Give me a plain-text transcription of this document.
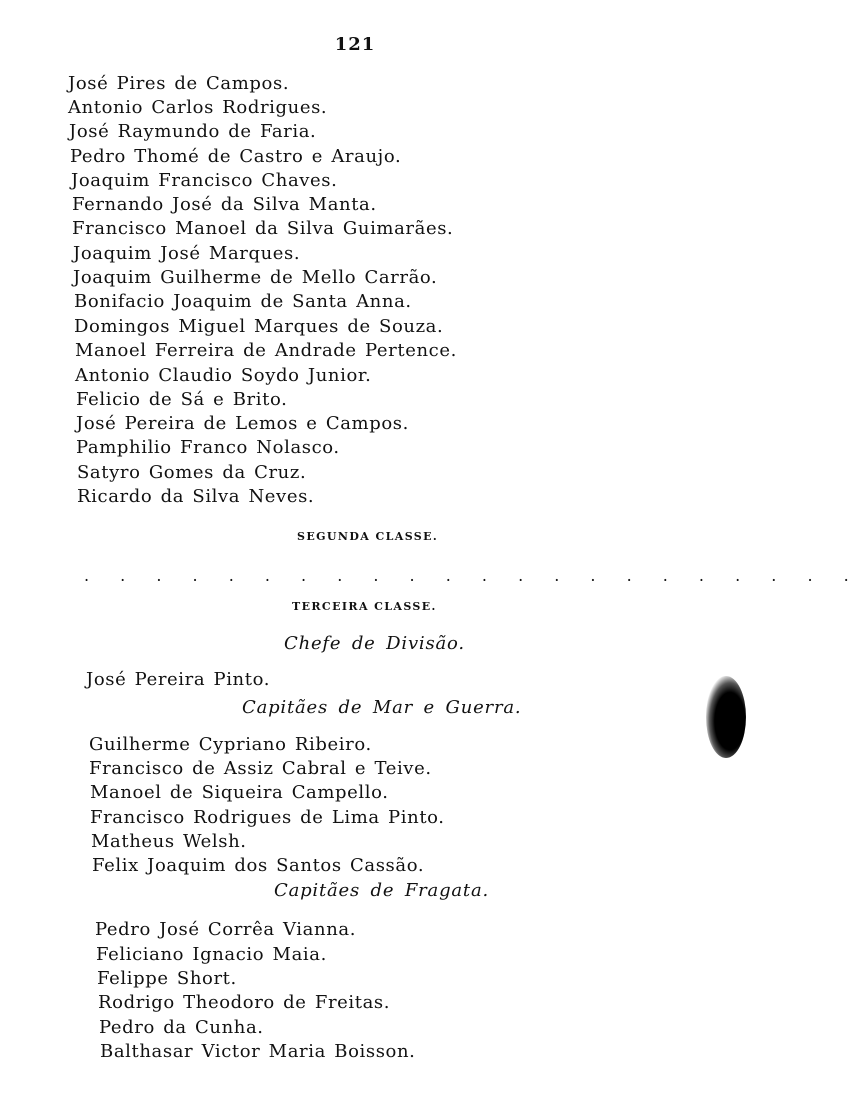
121
José Pires de Campos.
Antonio Carlos Rodrigues.
José Raymundo de Faria.
Pedro Thomé de Castro e Araujo.
Joaquim Francisco Chaves.
Fernando José da Silva Manta.
Francisco Manoel da Silva Guimarães.
Joaquim José Marques.
Joaquim Guilherme de Mello Carrão.
Bonifacio Joaquim de Santa Anna.
Domingos Miguel Marques de Souza.
Manoel Ferreira de Andrade Pertence.
Antonio Claudio Soydo Junior.
Felicio de Sá e Brito.
José Pereira de Lemos e Campos.
Pamphilio Franco Nolasco.
Satyro Gomes da Cruz.
Ricardo da Silva Neves.
SEGUNDA CLASSE.
. . . . . . . . . . . . . . . . . . . . . .
TERCEIRA CLASSE.
Chefe de Divisão.
José Pereira Pinto.
Capitães de Mar e Guerra.
Guilherme Cypriano Ribeiro.
Francisco de Assiz Cabral e Teive.
Manoel de Siqueira Campello.
Francisco Rodrigues de Lima Pinto.
Matheus Welsh.
Felix Joaquim dos Santos Cassão.
Capitães de Fragata.
Pedro José Corrêa Vianna.
Feliciano Ignacio Maia.
Felippe Short.
Rodrigo Theodoro de Freitas.
Pedro da Cunha.
Balthasar Victor Maria Boisson.
